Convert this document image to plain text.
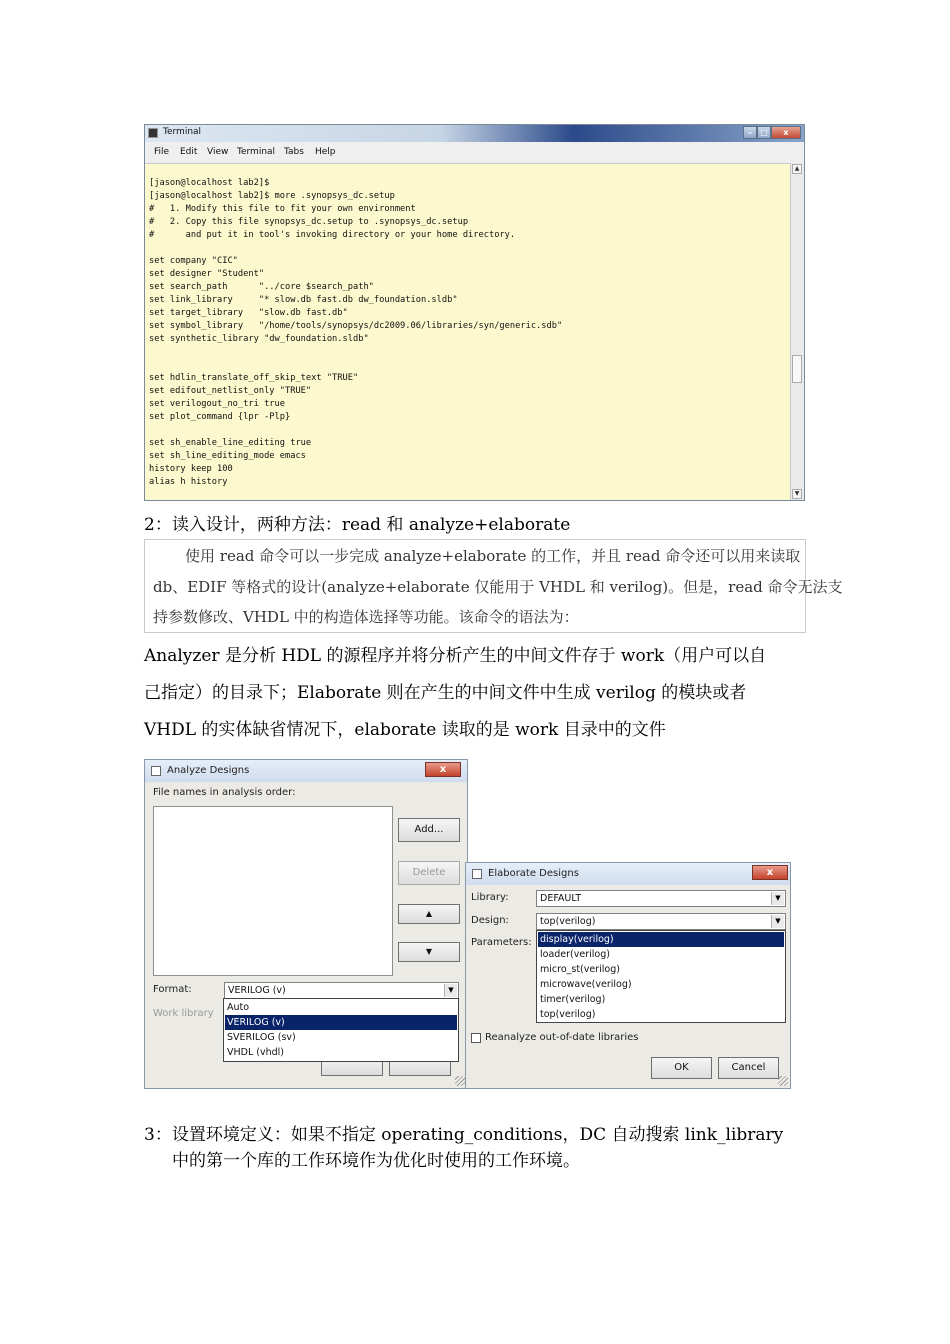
Terminal	–	□	x
File Edit View Terminal Tabs Help
[jason@localhost lab2]$
[jason@localhost lab2]$ more .synopsys_dc.setup
#   1. Modify this file to fit your own environment
#   2. Copy this file synopsys_dc.setup to .synopsys_dc.setup
#      and put it in tool's invoking directory or your home directory.

set company "CIC"
set designer "Student"
set search_path      "../core $search_path"
set link_library     "* slow.db fast.db dw_foundation.sldb"
set target_library   "slow.db fast.db"
set symbol_library   "/home/tools/synopsys/dc2009.06/libraries/syn/generic.sdb"
set synthetic_library "dw_foundation.sldb"

set hdlin_translate_off_skip_text "TRUE"
set edifout_netlist_only "TRUE"
set verilogout_no_tri true
set plot_command {lpr -Plp}

set sh_enable_line_editing true
set sh_line_editing_mode emacs
history keep 100
alias h history
▲
▼
2：读入设计，两种方法：read 和 analyze+elaborate
使用 read 命令可以一步完成 analyze+elaborate 的工作，并且 read 命令还可以用来读取
db、EDIF 等格式的设计(analyze+elaborate 仅能用于 VHDL 和 verilog)。但是，read 命令无法支
持参数修改、VHDL 中的构造体选择等功能。该命令的语法为：
Analyzer 是分析 HDL 的源程序并将分析产生的中间文件存于 work（用户可以自
己指定）的目录下；Elaborate 则在产生的中间文件中生成 verilog 的模块或者
VHDL 的实体缺省情况下，elaborate 读取的是 work 目录中的文件
Analyze Designs	x
File names in analysis order:
Add...
Delete
▲
▼
Format:	VERILOG (v)	▼
Work library
Auto
VERILOG (v)
SVERILOG (sv)
VHDL (vhdl)
Elaborate Designs	x
Library:	DEFAULT	▼
Design:	top(verilog)	▼
Parameters: display(verilog)
loader(verilog)
micro_st(verilog)
microwave(verilog)
timer(verilog)
top(verilog)
Reanalyze out-of-date libraries
OK	Cancel
3：设置环境定义：如果不指定 operating_conditions，DC 自动搜索 link_library
中的第一个库的工作环境作为优化时使用的工作环境。
